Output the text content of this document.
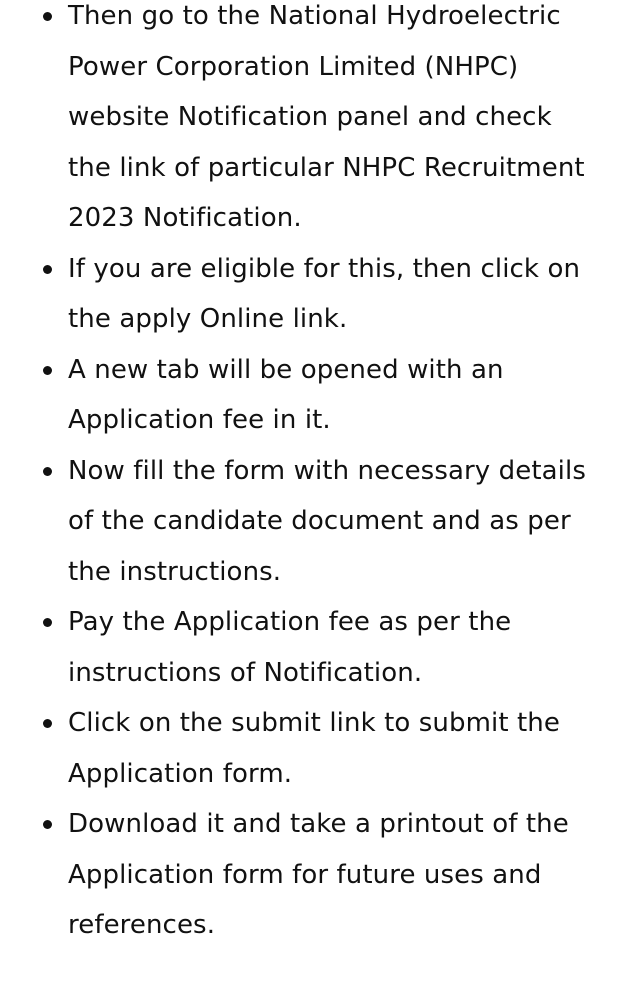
Then go to the National Hydroelectric Power Corporation Limited (NHPC) website Notification panel and check the link of particular NHPC Recruitment 2023 Notification.
If you are eligible for this, then click on the apply Online link.
A new tab will be opened with an Application fee in it.
Now fill the form with necessary details of the candidate document and as per the instructions.
Pay the Application fee as per the instructions of Notification.
Click on the submit link to submit the Application form.
Download it and take a printout of the Application form for future uses and references.
